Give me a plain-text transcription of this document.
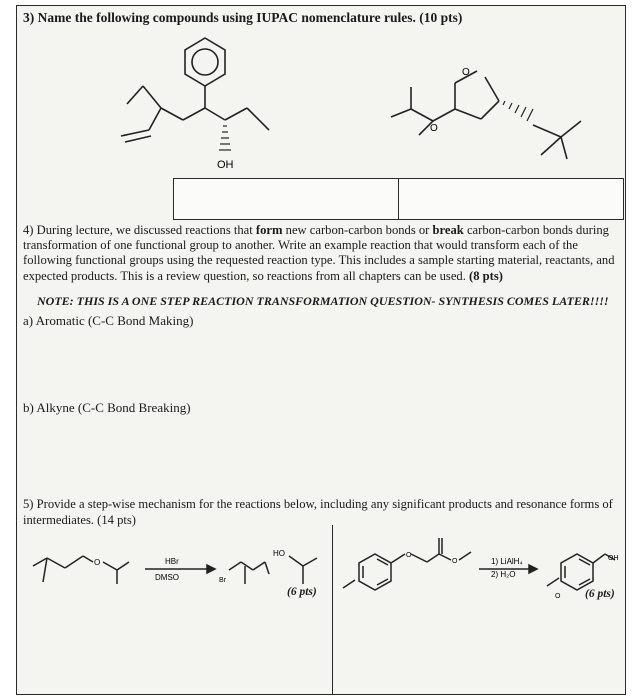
3) Name the following compounds using IUPAC nomenclature rules. (10 pts)
OH
O
O
4) During lecture, we discussed reactions that form new carbon-carbon bonds or break carbon-carbon bonds during transformation of one functional group to another. Write an example reaction that would transform each of the following functional groups using the requested reaction type. This includes a sample starting material, reactants, and expected products. This is a review question, so reactions from all chapters can be used. (8 pts)
NOTE: THIS IS A ONE STEP REACTION TRANSFORMATION QUESTION- SYNTHESIS COMES LATER!!!!
a) Aromatic (C-C Bond Making)
b) Alkyne (C-C Bond Breaking)
5) Provide a step-wise mechanism for the reactions below, including any significant products and resonance forms of intermediates. (14 pts)
O	HBr
DMSO	Br
HO
(6 pts)
O
O	1) LiAlH₄
2) H₂O
O
OH
(6 pts)
